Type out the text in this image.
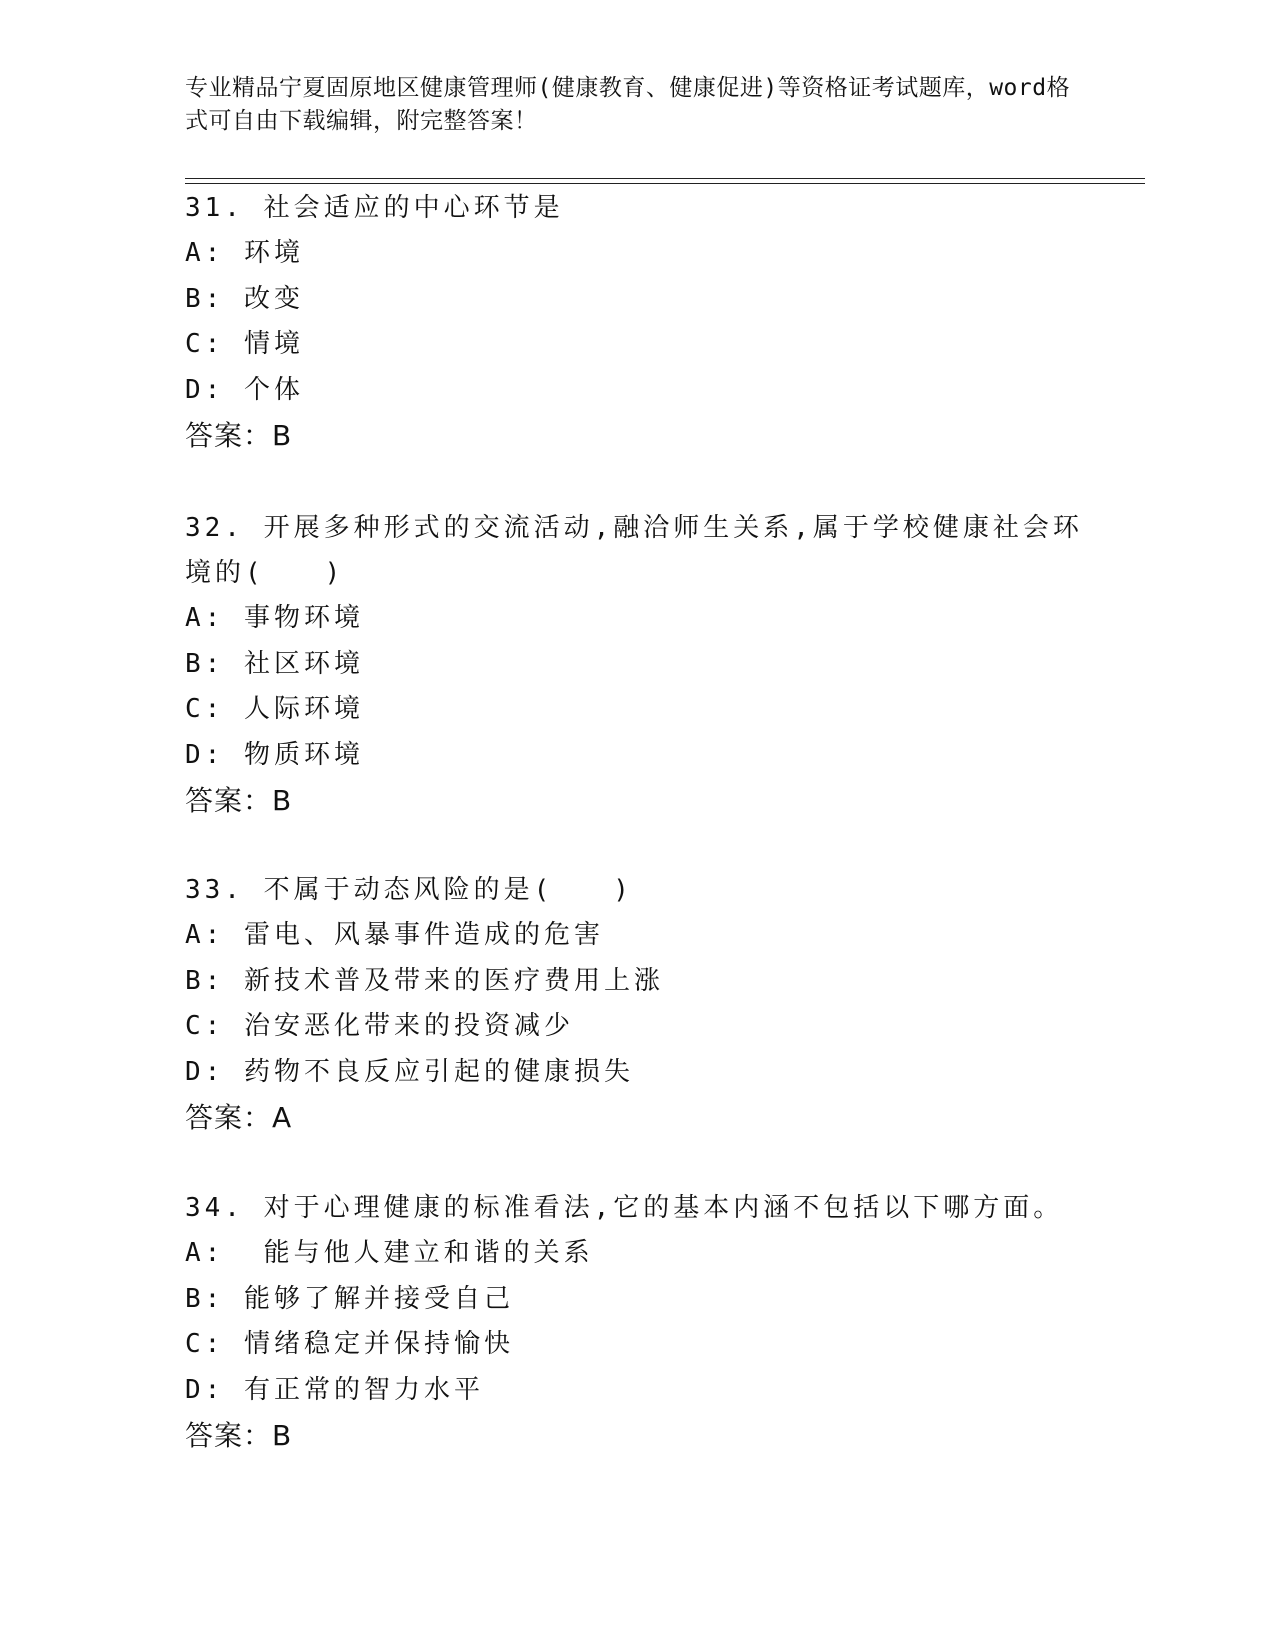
专业精品宁夏固原地区健康管理师(健康教育、健康促进)等资格证考试题库，word格式可自由下载编辑，附完整答案！
31. 社会适应的中心环节是
A: 环境
B: 改变
C: 情境
D: 个体
答案：B
32. 开展多种形式的交流活动,融洽师生关系,属于学校健康社会环境的(　　)
A: 事物环境
B: 社区环境
C: 人际环境
D: 物质环境
答案：B
33. 不属于动态风险的是(　　)
A: 雷电、风暴事件造成的危害
B: 新技术普及带来的医疗费用上涨
C: 治安恶化带来的投资减少
D: 药物不良反应引起的健康损失
答案：A
34. 对于心理健康的标准看法,它的基本内涵不包括以下哪方面。
A:  能与他人建立和谐的关系
B: 能够了解并接受自己
C: 情绪稳定并保持愉快
D: 有正常的智力水平
答案：B
